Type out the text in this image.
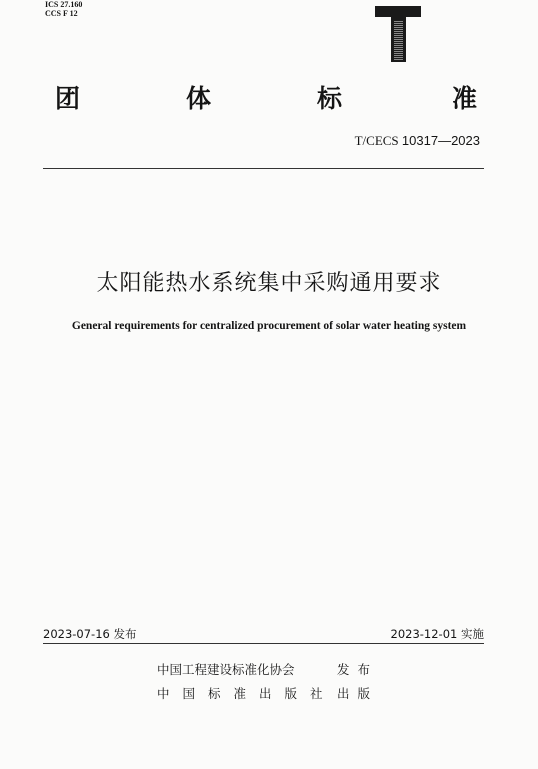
ICS 27.160
CCS F 12
团	体	标	准
T/CECS 10317—2023
太阳能热水系统集中采购通用要求
General requirements for centralized procurement of solar water heating system
2023-07-16 发布	2023-12-01 实施
中国工程建设标准化协会	发布
中国标准出版社 出版
